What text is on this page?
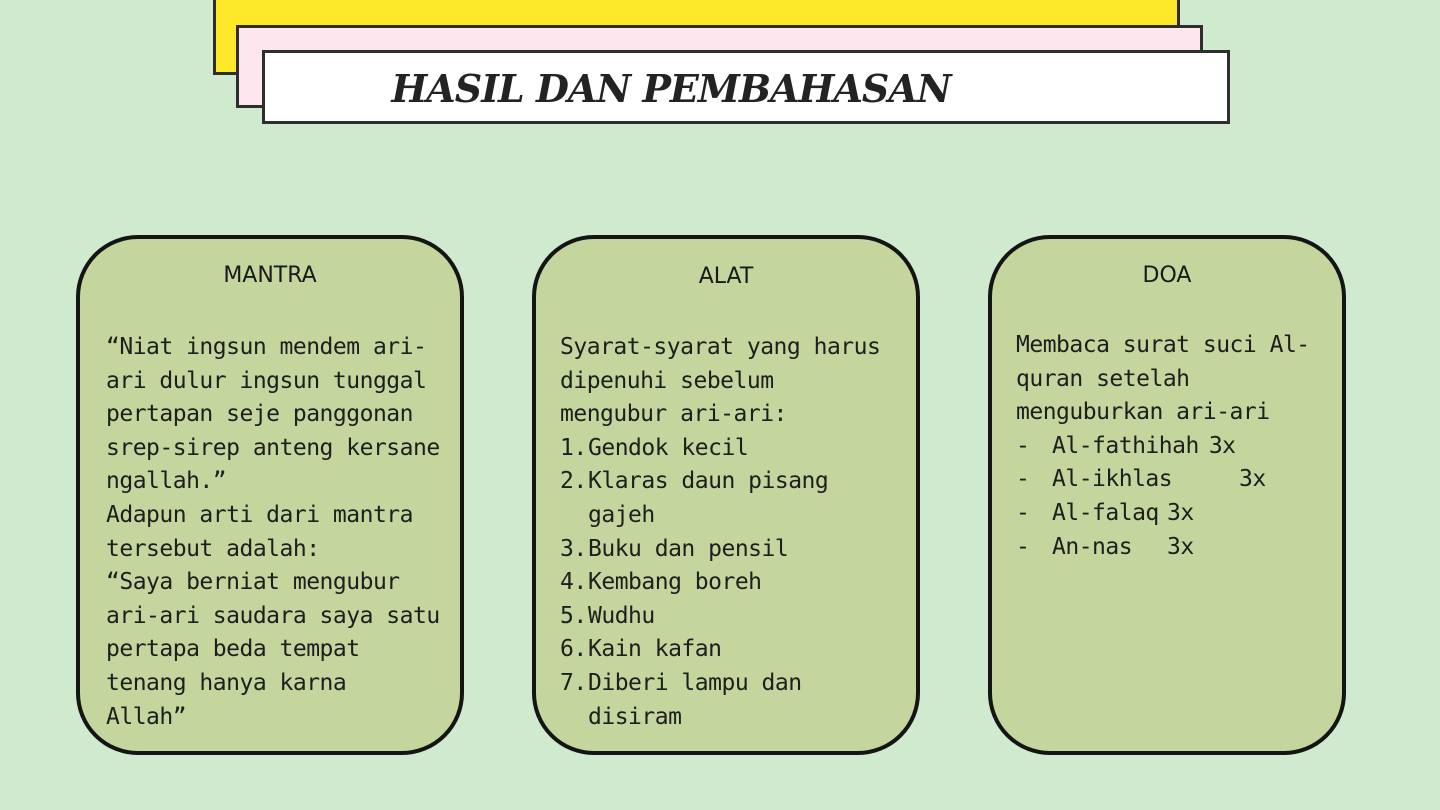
HASIL DAN PEMBAHASAN
MANTRA
“Niat ingsun mendem ari-
ari dulur ingsun tunggal
pertapan seje panggonan
srep-sirep anteng kersane
ngallah.”
Adapun arti dari mantra
tersebut adalah:
“Saya berniat mengubur
ari-ari saudara saya satu
pertapa beda tempat
tenang hanya karna
Allah”
ALAT
Syarat-syarat yang harus
dipenuhi sebelum
mengubur ari-ari:
1. Gendok kecil
2. Klaras daun pisang
gajeh
3. Buku dan pensil
4. Kembang boreh
5. Wudhu
6. Kain kafan
7. Diberi lampu dan
disiram
DOA
Membaca surat suci Al-
quran setelah
menguburkan ari-ari
- Al-fathihah 3x
- Al-ikhlas	3x
- Al-falaq 3x
- An-nas	3x
